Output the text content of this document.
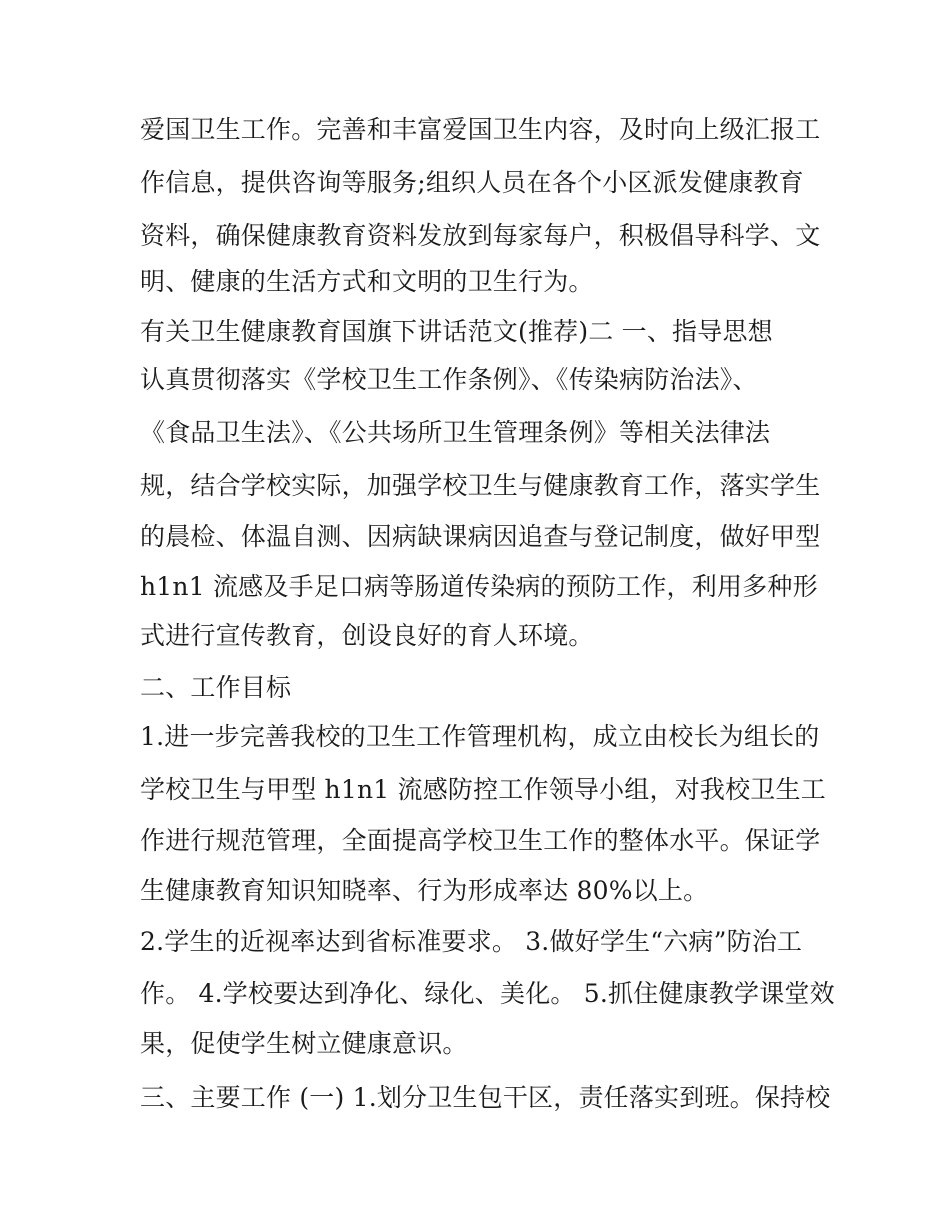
爱国卫生工作。完善和丰富爱国卫生内容，及时向上级汇报工
作信息，提供咨询等服务;组织人员在各个小区派发健康教育
资料，确保健康教育资料发放到每家每户，积极倡导科学、文
明、健康的生活方式和文明的卫生行为。
有关卫生健康教育国旗下讲话范文(推荐)二 一、指导思想
认真贯彻落实《学校卫生工作条例》、《传染病防治法》、
《食品卫生法》、《公共场所卫生管理条例》等相关法律法
规，结合学校实际，加强学校卫生与健康教育工作，落实学生
的晨检、体温自测、因病缺课病因追查与登记制度，做好甲型
h1n1 流感及手足口病等肠道传染病的预防工作，利用多种形
式进行宣传教育，创设良好的育人环境。
二、工作目标
1.进一步完善我校的卫生工作管理机构，成立由校长为组长的
学校卫生与甲型 h1n1 流感防控工作领导小组，对我校卫生工
作进行规范管理，全面提高学校卫生工作的整体水平。保证学
生健康教育知识知晓率、行为形成率达 80%以上。
2.学生的近视率达到省标准要求。 3.做好学生“六病”防治工
作。 4.学校要达到净化、绿化、美化。 5.抓住健康教学课堂效
果，促使学生树立健康意识。
三、主要工作 (一) 1.划分卫生包干区，责任落实到班。保持校
